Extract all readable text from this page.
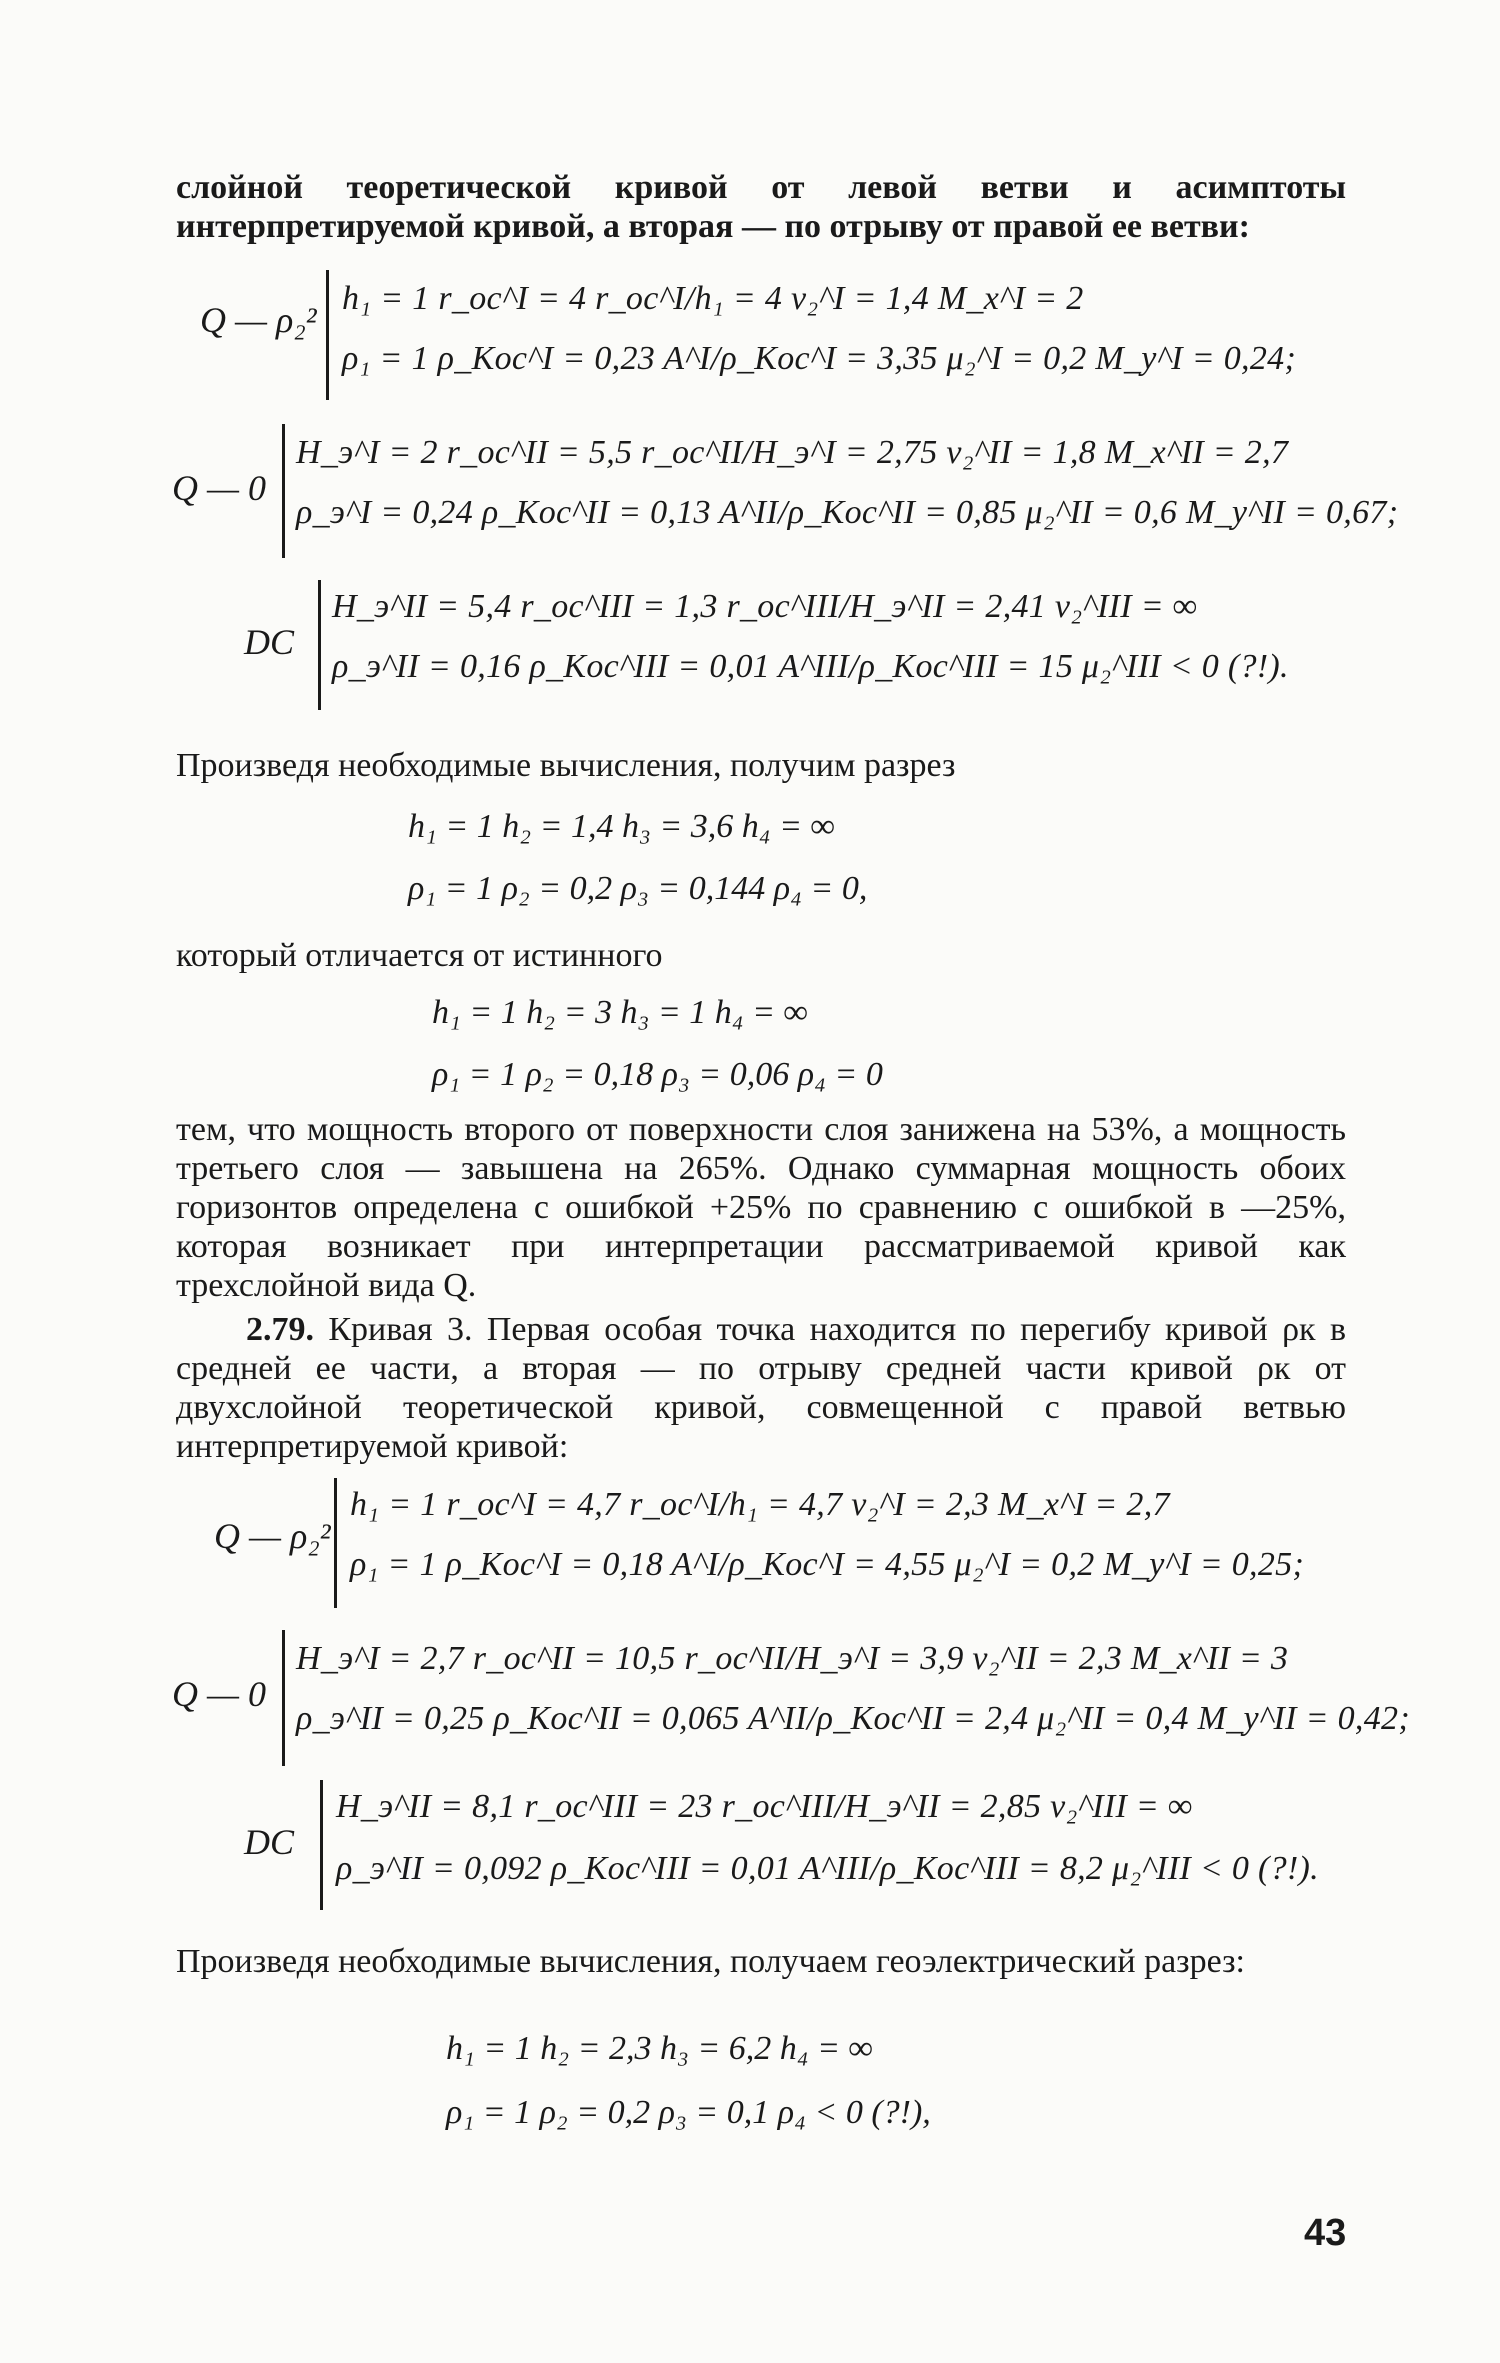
слойной теоретической кривой от левой ветви и асимптоты интерпретируемой кривой, а вторая — по отрыву от правой ее ветви:

Q — ρ₂²
h₁ = 1 r_oc^I = 4 r_oc^I/h₁ = 4 ν₂^I = 1,4 M_x^I = 2
ρ₁ = 1 ρ_Koc^I = 0,23 A^I/ρ_Koc^I = 3,35 μ₂^I = 0,2 M_y^I = 0,24;
Q — 0
H_э^I = 2 r_oc^II = 5,5 r_oc^II/H_э^I = 2,75 ν₂^II = 1,8 M_x^II = 2,7
ρ_э^I = 0,24 ρ_Koc^II = 0,13 A^II/ρ_Koc^II = 0,85 μ₂^II = 0,6 M_y^II = 0,67;
DC
H_э^II = 5,4 r_oc^III = 1,3 r_oc^III/H_э^II = 2,41 ν₂^III = ∞
ρ_э^II = 0,16 ρ_Koc^III = 0,01 A^III/ρ_Koc^III = 15 μ₂^III < 0 (?!).

Произведя необходимые вычисления, получим разрез

h₁ = 1 h₂ = 1,4 h₃ = 3,6 h₄ = ∞
ρ₁ = 1 ρ₂ = 0,2 ρ₃ = 0,144 ρ₄ = 0,

который отличается от истинного

h₁ = 1 h₂ = 3 h₃ = 1 h₄ = ∞
ρ₁ = 1 ρ₂ = 0,18 ρ₃ = 0,06 ρ₄ = 0

тем, что мощность второго от поверхности слоя занижена на 53%, а мощность третьего слоя — завышена на 265%. Однако суммарная мощность обоих горизонтов определена с ошибкой +25% по сравнению с ошибкой в —25%, которая возникает при интерпретации рассматриваемой кривой как трехслойной вида Q.

2.79. Кривая 3. Первая особая точка находится по перегибу кривой ρк в средней ее части, а вторая — по отрыву средней части кривой ρк от двухслойной теоретической кривой, совмещенной с правой ветвью интерпретируемой кривой:

Q — ρ₂²
h₁ = 1 r_oc^I = 4,7 r_oc^I/h₁ = 4,7 ν₂^I = 2,3 M_x^I = 2,7
ρ₁ = 1 ρ_Koc^I = 0,18 A^I/ρ_Koc^I = 4,55 μ₂^I = 0,2 M_y^I = 0,25;
Q — 0
H_э^I = 2,7 r_oc^II = 10,5 r_oc^II/H_э^I = 3,9 ν₂^II = 2,3 M_x^II = 3
ρ_э^II = 0,25 ρ_Koc^II = 0,065 A^II/ρ_Koc^II = 2,4 μ₂^II = 0,4 M_y^II = 0,42;
DC
H_э^II = 8,1 r_oc^III = 23 r_oc^III/H_э^II = 2,85 ν₂^III = ∞
ρ_э^II = 0,092 ρ_Koc^III = 0,01 A^III/ρ_Koc^III = 8,2 μ₂^III < 0 (?!).

Произведя необходимые вычисления, получаем геоэлектрический разрез:

h₁ = 1 h₂ = 2,3 h₃ = 6,2 h₄ = ∞
ρ₁ = 1 ρ₂ = 0,2 ρ₃ = 0,1 ρ₄ < 0 (?!),
43
